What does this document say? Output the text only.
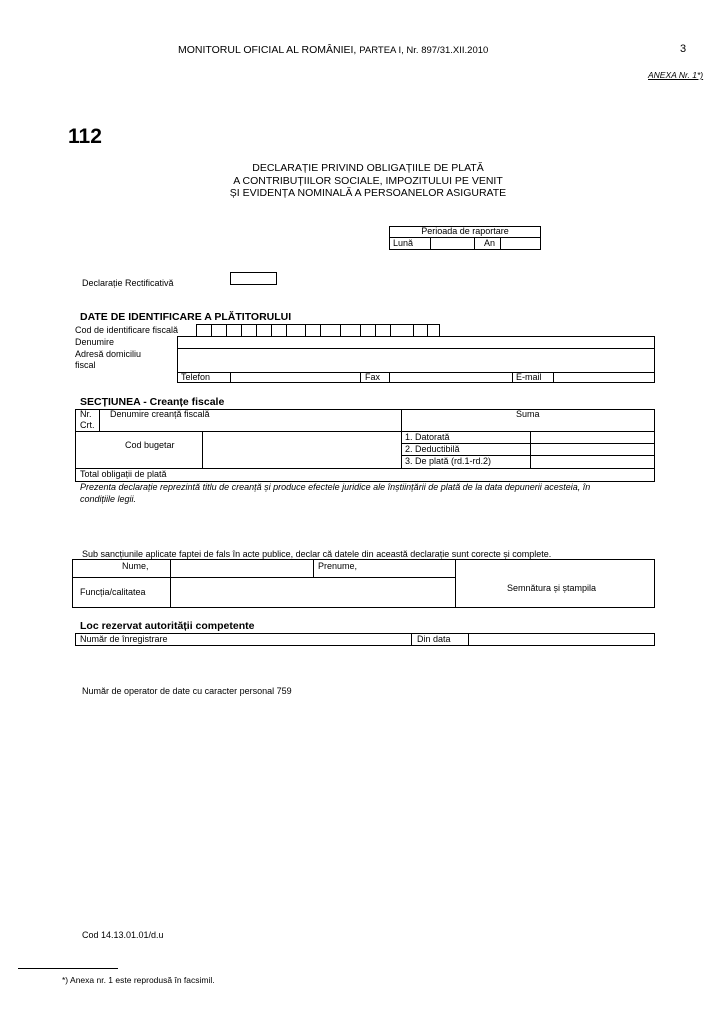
MONITORUL OFICIAL AL ROMÂNIEI, PARTEA I, Nr. 897/31.XII.2010	3
ANEXA Nr. 1*)
112
DECLARAȚIE PRIVIND OBLIGAȚIILE DE PLATĂ
A CONTRIBUȚIILOR SOCIALE, IMPOZITULUI PE VENIT
ȘI EVIDENȚA NOMINALĂ A PERSOANELOR ASIGURATE
Perioada de raportare
Lună	An
Declarație Rectificativă
DATE DE IDENTIFICARE A PLĂTITORULUI
Cod de identificare fiscală
Denumire
Adresă domiciliu
fiscal
Telefon	Fax	E-mail
SECȚIUNEA - Creanțe fiscale
Nr.
Crt.
Denumire creanță fiscală	Suma
Cod bugetar
1. Datorată
2. Deductibilă
3. De plată (rd.1-rd.2)
Total obligații de plată
Prezenta declarație reprezintă titlu de creanță și produce efectele juridice ale înștiințării de plată de la data depunerii acesteia, în
condițiile legii.
Sub sancțiunile aplicate faptei de fals în acte publice, declar că datele din această declarație sunt corecte și complete.
Nume,	Prenume,
Funcția/calitatea	Semnătura și ștampila
Loc rezervat autorității competente
Număr de înregistrare	Din data
Număr de operator de date cu caracter personal 759
Cod 14.13.01.01/d.u
*) Anexa nr. 1 este reprodusă în facsimil.
